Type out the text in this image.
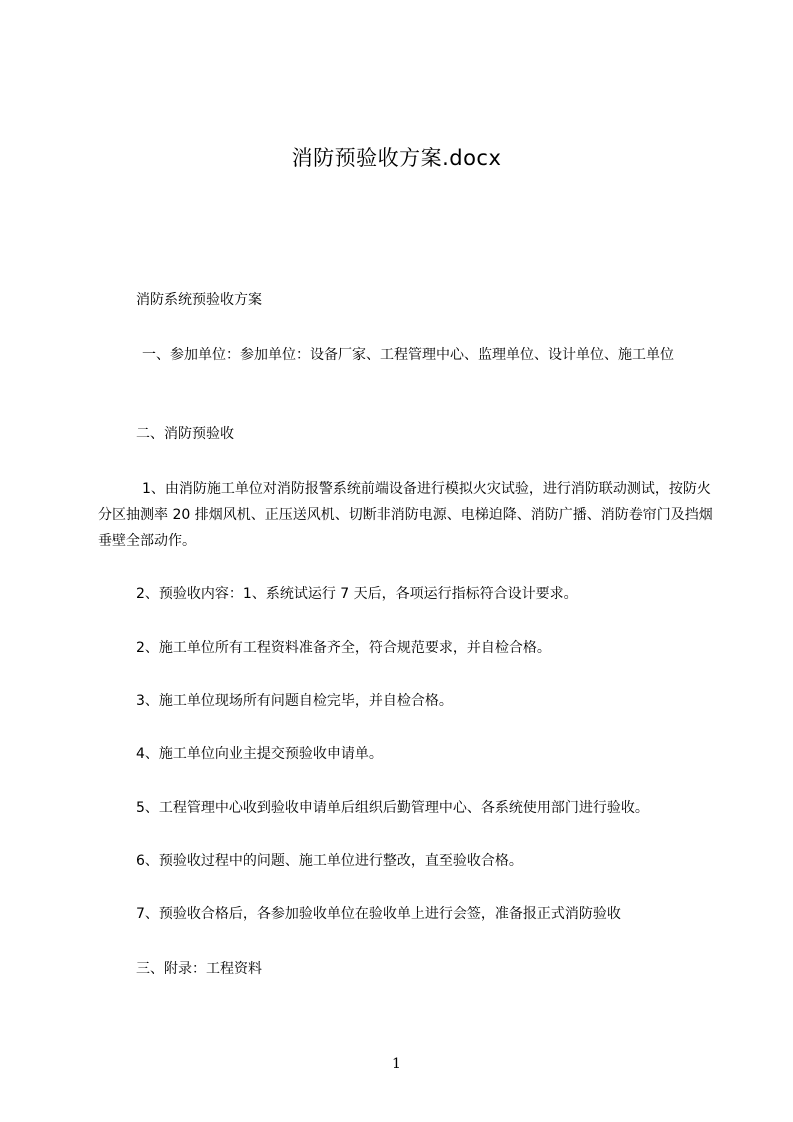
消防预验收方案.docx

消防系统预验收方案

一、参加单位：参加单位：设备厂家、工程管理中心、监理单位、设计单位、施工单位

二、消防预验收

1、由消防施工单位对消防报警系统前端设备进行模拟火灾试验，进行消防联动测试，按防火分区抽测率 20 排烟风机、正压送风机、切断非消防电源、电梯迫降、消防广播、消防卷帘门及挡烟垂壁全部动作。

2、预验收内容：1、系统试运行 7 天后，各项运行指标符合设计要求。

2、施工单位所有工程资料准备齐全，符合规范要求，并自检合格。

3、施工单位现场所有问题自检完毕，并自检合格。

4、施工单位向业主提交预验收申请单。

5、工程管理中心收到验收申请单后组织后勤管理中心、各系统使用部门进行验收。

6、预验收过程中的问题、施工单位进行整改，直至验收合格。

7、预验收合格后，各参加验收单位在验收单上进行会签，准备报正式消防验收

三、附录：工程资料

1
